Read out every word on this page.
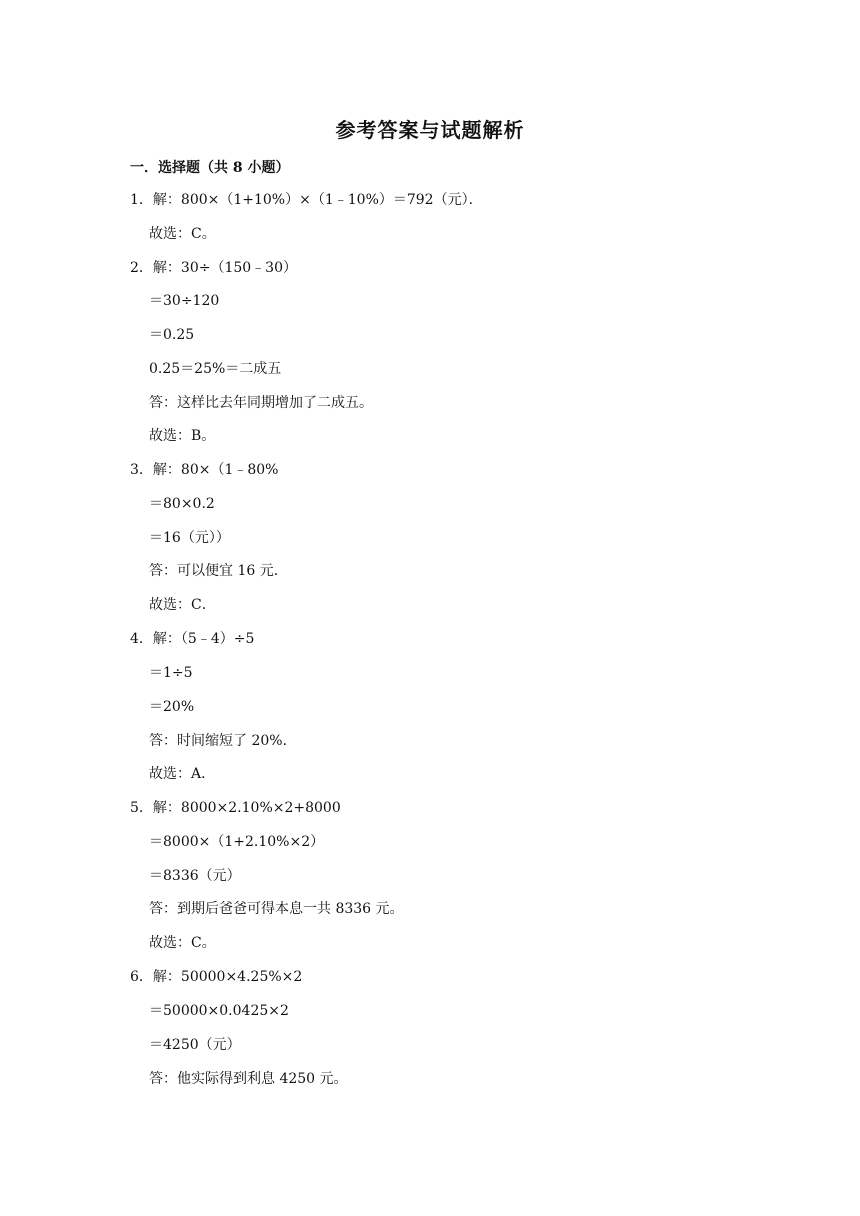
参考答案与试题解析
一．选择题（共 8 小题）
1．解：800×（1+10%）×（1﹣10%）＝792（元）．
故选：C。
2．解：30÷（150﹣30）
＝30÷120
＝0.25
0.25＝25%＝二成五
答：这样比去年同期增加了二成五。
故选：B。
3．解：80×（1﹣80%
＝80×0.2
＝16（元））
答：可以便宜 16 元．
故选：C．
4．解：（5﹣4）÷5
＝1÷5
＝20%
答：时间缩短了 20%．
故选：A．
5．解：8000×2.10%×2+8000
＝8000×（1+2.10%×2）
＝8336（元）
答：到期后爸爸可得本息一共 8336 元。
故选：C。
6．解：50000×4.25%×2
＝50000×0.0425×2
＝4250（元）
答：他实际得到利息 4250 元。
